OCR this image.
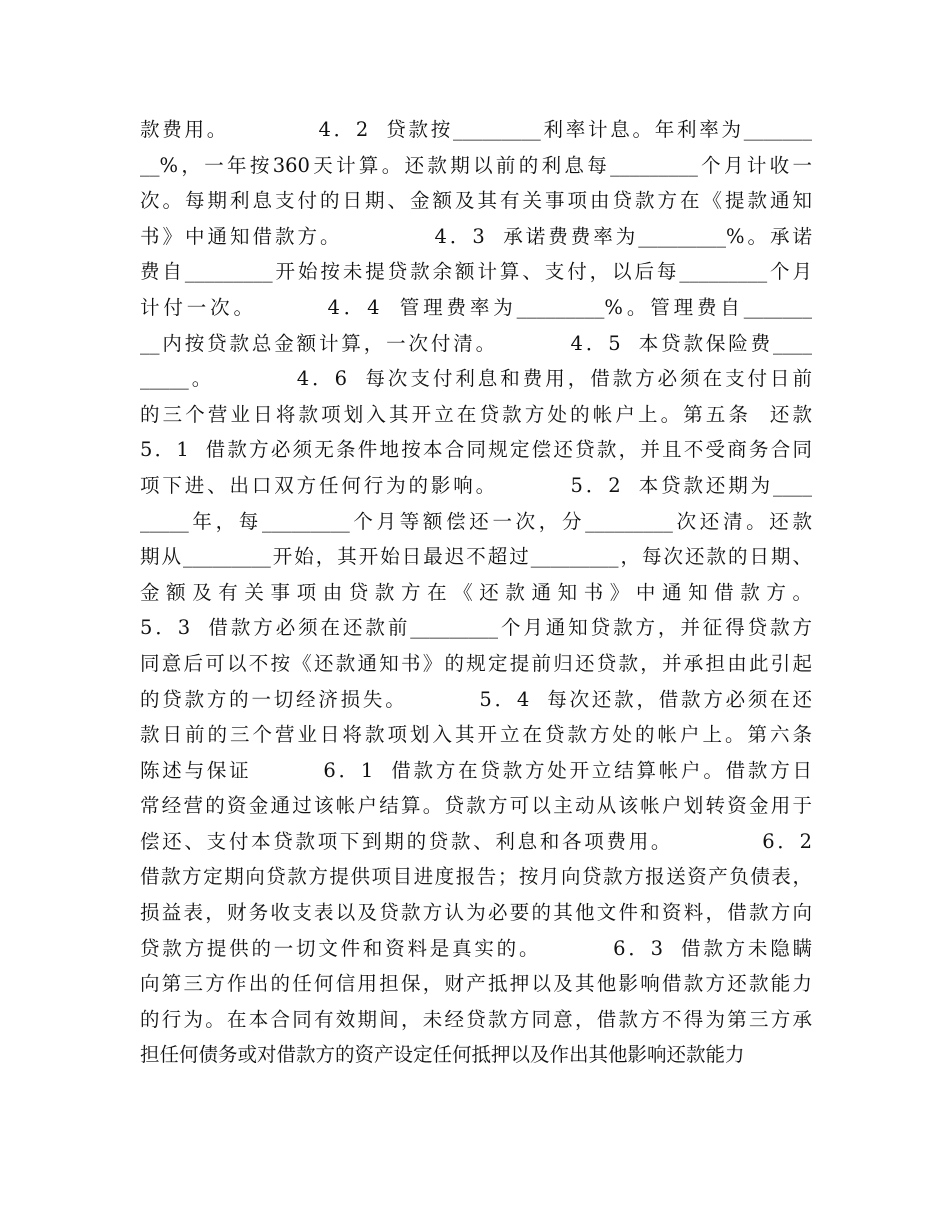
款费用。          4．2  贷款按_________利率计息。年利率为_______
__%，一年按360天计算。还款期以前的利息每_________个月计收一
次。每期利息支付的日期、金额及其有关事项由贷款方在《提款通知
书》中通知借款方。          4．3  承诺费费率为_________%。承诺
费自_________开始按未提贷款余额计算、支付，以后每_________个月
计付一次。       4．4  管理费率为_________%。管理费自_______
__内按贷款总金额计算，一次付清。        4．5  本贷款保险费____
_____。         4．6  每次支付利息和费用，借款方必须在支付日前
的三个营业日将款项划入其开立在贷款方处的帐户上。第五条  还款
5．1  借款方必须无条件地按本合同规定偿还贷款，并且不受商务合同
项下进、出口双方任何行为的影响。        5．2  本贷款还期为____
_____年，每_________个月等额偿还一次，分_________次还清。还款
期从_________开始，其开始日最迟不超过_________，每次还款的日期、
金额及有关事项由贷款方在《还款通知书》中通知借款方。
5．3  借款方必须在还款前_________个月通知贷款方，并征得贷款方
同意后可以不按《还款通知书》的规定提前归还贷款，并承担由此引起
的贷款方的一切经济损失。        5．4  每次还款，借款方必须在还
款日前的三个营业日将款项划入其开立在贷款方处的帐户上。第六条
陈述与保证        6．1  借款方在贷款方处开立结算帐户。借款方日
常经营的资金通过该帐户结算。贷款方可以主动从该帐户划转资金用于
偿还、支付本贷款项下到期的贷款、利息和各项费用。          6．2
借款方定期向贷款方提供项目进度报告；按月向贷款方报送资产负债表，
损益表，财务收支表以及贷款方认为必要的其他文件和资料，借款方向
贷款方提供的一切文件和资料是真实的。        6．3  借款方未隐瞒
向第三方作出的任何信用担保，财产抵押以及其他影响借款方还款能力
的行为。在本合同有效期间，未经贷款方同意，借款方不得为第三方承
担任何债务或对借款方的资产设定任何抵押以及作出其他影响还款能力
